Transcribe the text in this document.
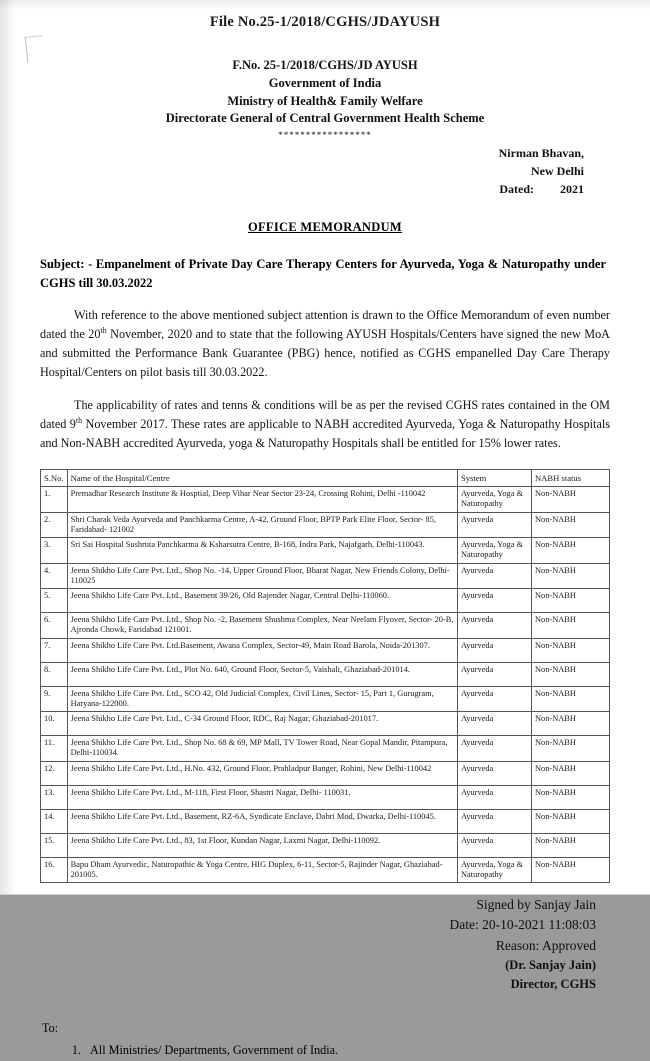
File No.25-1/2018/CGHS/JDAYUSH
F.No. 25-1/2018/CGHS/JD AYUSH
Government of India
Ministry of Health& Family Welfare
Directorate General of Central Government Health Scheme
*****************
Nirman Bhavan,
New Delhi
Dated: 2021
OFFICE MEMORANDUM
Subject: - Empanelment of Private Day Care Therapy Centers for Ayurveda, Yoga & Naturopathy under CGHS till 30.03.2022

With reference to the above mentioned subject attention is drawn to the Office Memorandum of even number dated the 20th November, 2020 and to state that the following AYUSH Hospitals/Centers have signed the new MoA and submitted the Performance Bank Guarantee (PBG) hence, notified as CGHS empanelled Day Care Therapy Hospital/Centers on pilot basis till 30.03.2022.

The applicability of rates and tenns & conditions will be as per the revised CGHS rates contained in the OM dated 9th November 2017. These rates are applicable to NABH accredited Ayurveda, Yoga & Naturopathy Hospitals and Non-NABH accredited Ayurveda, yoga & Naturopathy Hospitals shall be entitled for 15% lower rates.

S.No.	Name of the Hospital/Centre	System	NABH status
1.	Premadhar Research Institute & Hosptial, Deep Vihar Near Sector 23-24, Crossing Rohini, Delhi -110042	Ayurveda, Yoga & Naturopathy	Non-NABH
2.	Shri Charak Veda Ayurveda and Panchkarma Centre, A-42, Ground Floor, BPTP Park Elite Floor, Sector- 85, Faridabad- 121002	Ayurveda	Non-NABH
3.	Sri Sai Hospital Sushruta Panchkarma & Ksharsutra Centre, B-168, Indra Park, Najafgarh, Delhi-110043.	Ayurveda, Yoga & Naturopathy	Non-NABH
4.	Jeena Shikho Life Care Pvt. Ltd., Shop No. -14, Upper Ground Floor, Bharat Nagar, New Friends Colony, Delhi-110025	Ayurveda	Non-NABH
5.	Jeena Shikho Life Care Pvt. Ltd., Basement 39/26, Old Rajender Nagar, Central Delhi-110060.	Ayurveda	Non-NABH
6.	Jeena Shikho Life Care Pvt. Ltd., Shop No. -2, Basement Shushma Complex, Near Neelam Flyover, Sector- 20-B, Ajronda Chowk, Faridabad 121001.	Ayurveda	Non-NABH
7.	Jeena Shikho Life Care Pvt. Ltd.Basement, Awana Complex, Sector-49, Main Road Barola, Noida-201307.	Ayurveda	Non-NABH
8.	Jeena Shikho Life Care Pvt. Ltd., Plot No. 640, Ground Floor, Sector-5, Vaishali, Ghaziabad-201014.	Ayurveda	Non-NABH
9.	Jeena Shikho Life Care Pvt. Ltd., SCO 42, Old Judicial Complex, Civil Lines, Sector- 15, Part 1, Gurugram, Haryana-122000.	Ayurveda	Non-NABH
10.	Jeena Shikho Life Care Pvt. Ltd., C-34 Ground Floor, RDC, Raj Nagar, Ghaziabad-201017.	Ayurveda	Non-NABH
11.	Jeena Shikho Life Care Pvt. Ltd., Shop No. 68 & 69, MP Mall, TV Tower Road, Near Gopal Mandir, Pitampura, Delhi-110034.	Ayurveda	Non-NABH
12.	Jeena Shikho Life Care Pvt. Ltd., H.No. 432, Ground Floor, Prahladpur Banger, Rohini, New Delhi-110042	Ayurveda	Non-NABH
13.	Jeena Shikho Life Care Pvt. Ltd., M-118, First Floor, Shastri Nagar, Delhi- 110031.	Ayurveda	Non-NABH
14.	Jeena Shikho Life Care Pvt. Ltd., Basement, RZ-6A, Syndicate Enclave, Dabri Mod, Dwarka, Delhi-110045.	Ayurveda	Non-NABH
15.	Jeena Shikho Life Care Pvt. Ltd., 83, 1st Floor, Kundan Nagar, Laxmi Nagar, Delhi-110092.	Ayurveda	Non-NABH
16.	Bapu Dham Ayurvedic, Naturopathic & Yoga Centre, HIG Duplex, 6-11, Sector-5, Rajinder Nagar, Ghaziabad-201005.	Ayurveda, Yoga & Naturopathy	Non-NABH
Signed by Sanjay Jain
Date: 20-10-2021 11:08:03
Reason: Approved
(Dr. Sanjay Jain)
Director, CGHS
To:
1. All Ministries/ Departments, Government of India.
